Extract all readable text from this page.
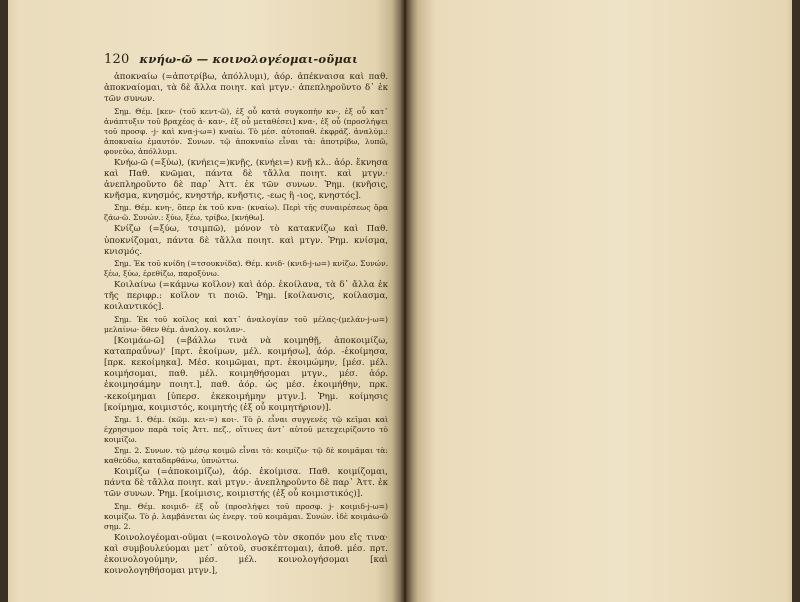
120 κνήω-ῶ — κοινολογέομαι-οῦμαι

ἀποκναίω (=ἀποτρίβω, ἀπόλλυμι), ἀόρ. ἀπέκναισα καὶ παθ. ἀποκναίομαι, τὰ δὲ ἄλλα ποιητ. καὶ μτγν.· ἀπεπληροῦντο δ᾽ ἐκ τῶν συνων.

Σημ. Θέμ. [κεν- (τοῦ κεντ-ῶ), ἐξ οὗ κατὰ συγκοπὴν κν-, ἐξ οὗ κατ᾽ ἀνάπτυξιν τοῦ βραχέος ἀ· καν-, ἐξ οὗ μεταθέσει] κνα-, ἐξ οὗ (προσλήψει τοῦ προσφ. -j- καὶ κνα-j-ω=) κναίω. Τὸ μέσ. αὐτοπαθ. ἐκφράζ. ἀναλύμ.: ἀποκναίω ἐμαυτόν. Συνων. τῷ ἀποκναίω εἶναι τὰ: ἀποτρίβω, λυπῶ, φονεύω, ἀπόλλυμι.

Κνήω-ῶ (=ξύω), (κνήεις=)κνῇς, (κνήει=) κνῇ κλ.. ἀόρ. ἔκνησα καὶ Παθ. κνῶμαι, πάντα δὲ τἄλλα ποιητ. καὶ μτγν.· ἀνεπληροῦντο δὲ παρ᾽ Ἀττ. ἐκ τῶν συνων. Ῥημ. (κνῆσις, κνῆσμα, κνησμός, κνηστήρ, κνῆστις, -εως ἢ -ιος, κνηστός].

Σημ. Θέμ. κνη-, ὅπερ ἐκ τοῦ κνα- (κναίω). Περὶ τῆς συναιρέσεως ὅρα ζάω-ῶ. Συνών.: ξύω, ξέω, τρίβω, [κνήθω].

Κνίζω (=ξύω, τσιμπῶ), μόνον τὸ κατακνίζω καὶ Παθ. ὑποκνίζομαι, πάντα δὲ τἄλλα ποιητ. καὶ μτγν. Ῥημ. κνίσμα, κνισμός.

Σημ. Ἐκ τοῦ κνίδη (=τσουκνίδα). Θέμ. κνιδ- (κνιδ-j-ω=) κνίζω. Συνών. ξέω, ξύω, ἐρεθίζω, παροξύνω.

Κοιλαίνω (=κάμνω κοῖλον) καὶ ἀόρ. ἐκοίλανα, τὰ δ᾽ ἄλλα ἐκ τῆς περιφρ.: κοῖλον τι ποιῶ. Ῥημ. [κοίλανσις, κοίλασμα, κοιλαντικός].

Σημ. Ἐκ τοῦ κοῖλος καὶ κατ᾽ ἀναλογίαν τοῦ μέλας-(μελάν-j-ω=) μελαίνω· ὅθεν θέμ. ἀναλογ. κοιλαν-.

[Κοιμάω-ῶ] (=βάλλω τινὰ νὰ κοιμηθῇ, ἀποκοιμίζω, καταπραΰνω)' [πρτ. ἐκοίμων, μέλ. κοιμήσω], ἀόρ. -ἐκοίμησα, [πρκ. κεκοίμηκα]. Μέσ. κοιμῶμαι, πρτ. ἐκοιμώμην, [μέσ. μέλ. κοιμήσομαι, παθ. μέλ. κοιμηθήσομαι μτγν., μέσ. ἀόρ. ἐκοιμησάμην ποιητ.], παθ. ἀόρ. ὡς μέσ. ἐκοιμήθην, πρκ. -κεκοίμημαι [ὑπερσ. ἐκεκοιμήμην μτγν.]. Ῥημ. κοίμησις [κοίμημα, κοιμιστός, κοιμητής (ἐξ οὗ κοιμητήριον)].

Σημ. 1. Θέμ. (κῶμ. κει-=) κοι-. Τὸ ῥ. εἶναι συγγενὲς τῷ κεῖμαι καὶ ἐχρησιμον παρὰ τοῖς Ἀττ. πεζ., οἵτινες ἀντ᾽ αὐτοῦ μετεχειρίζοντο τὸ κοιμίζω.

Σημ. 2. Συνων. τῷ μέσῳ κοιμῶ εἶναι τὸ: κοιμίζω· τῷ δὲ κοιμᾶμαι τὰ: καθεύδω, καταδαρθάνω, ὑπνώττω.

Κοιμίζω (=ἀποκοιμίζω), ἀόρ. ἐκοίμισα. Παθ. κοιμίζομαι, πάντα δὲ τἄλλα ποιητ. καὶ μτγν.· ἀνεπληροῦντο δὲ παρ᾽ Ἀττ. ἐκ τῶν συνων. Ῥημ. [κοίμισις, κοιμιστής (ἐξ οὗ κοιμιστικός)].

Σημ. Θέμ. κοιμιδ- ἐξ οὗ (προσλήψει τοῦ προσφ. j- κοιμιδ-j-ω=) κοιμίζω. Τὸ ῥ. λαμβάνεται ὡς ἐνεργ. τοῦ κοιμᾶμαι. Συνών. ἰδὲ κοιμάω-ῶ σημ. 2.

Κοινολογέομαι-οῦμαι (=κοινολογῶ τὸν σκοπόν μου εἴς τινα· καὶ συμβουλεύομαι μετ᾽ αὐτοῦ, συσκέπτομαι), ἀποθ. μέσ. πρτ. ἐκοινολογούμην, μέσ. μέλ. κοινολογήσομαι [καὶ κοινολογηθήσομαι μτγν.],
